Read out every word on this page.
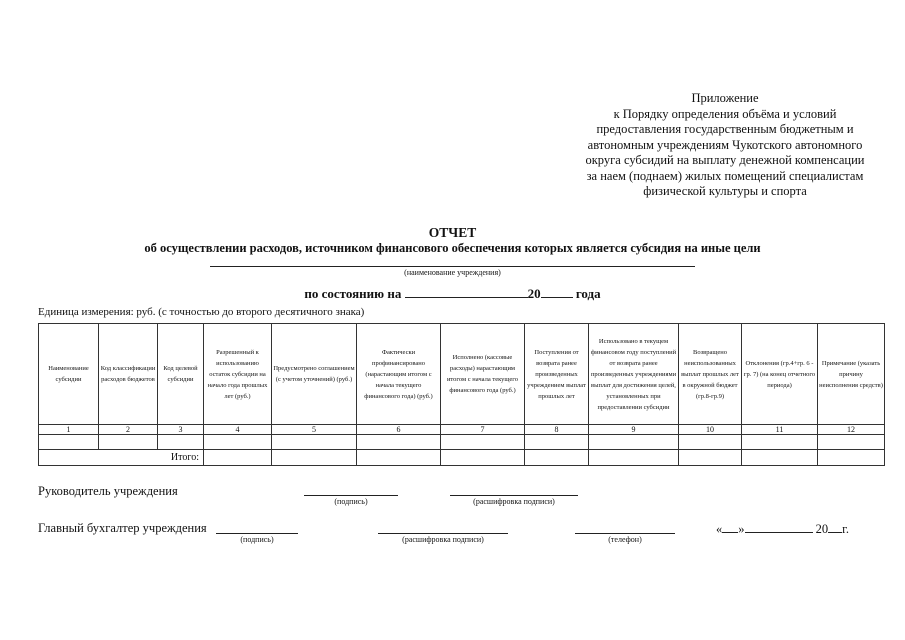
Приложение
к Порядку определения объёма и условий
предоставления государственным бюджетным и
автономным учреждениям Чукотского автономного
округа субсидий на выплату денежной компенсации
за наем (поднаем) жилых помещений специалистам
физической культуры и спорта
ОТЧЕТ
об осуществлении расходов, источником финансового обеспечения которых является субсидия на иные цели
(наименование учреждения)
по состоянию на	20	года
Единица измерения: руб. (с точностью до второго десятичного знака)
Наименование субсидии	Код классификации расходов бюджетов	Код целевой субсидии	Разрешенный к использованию остаток субсидии на начало года прошлых лет (руб.)	Предусмотрено соглашением (с учетом уточнений) (руб.)	Фактически профинансировано (нарастающим итогом с начала текущего финансового года) (руб.)	Исполнено (кассовые расходы) нарастающим итогом с начала текущего финансового года (руб.)	Поступления от возврата ранее произведенных учреждением выплат прошлых лет	Использовано в текущем финансовом году поступлений от возврата ранее произведенных учреждениями выплат для достижения целей, установленных при предоставлении субсидии	Возвращено неиспользованных выплат прошлых лет в окружной бюджет (гр.8-гр.9)	Отклонения (гр.4+гр. 6 - гр. 7) (на конец отчетного периода)	Примечание (указать причину неисполнения средств)
1	2	3	4	5	6	7	8	9	10	11	12

Итого:											
Руководитель учреждения
(подпись)	(расшифровка подписи)
Главный бухгалтер учреждения
(подпись)	(расшифровка подписи)	(телефон)
« »	20 г.
